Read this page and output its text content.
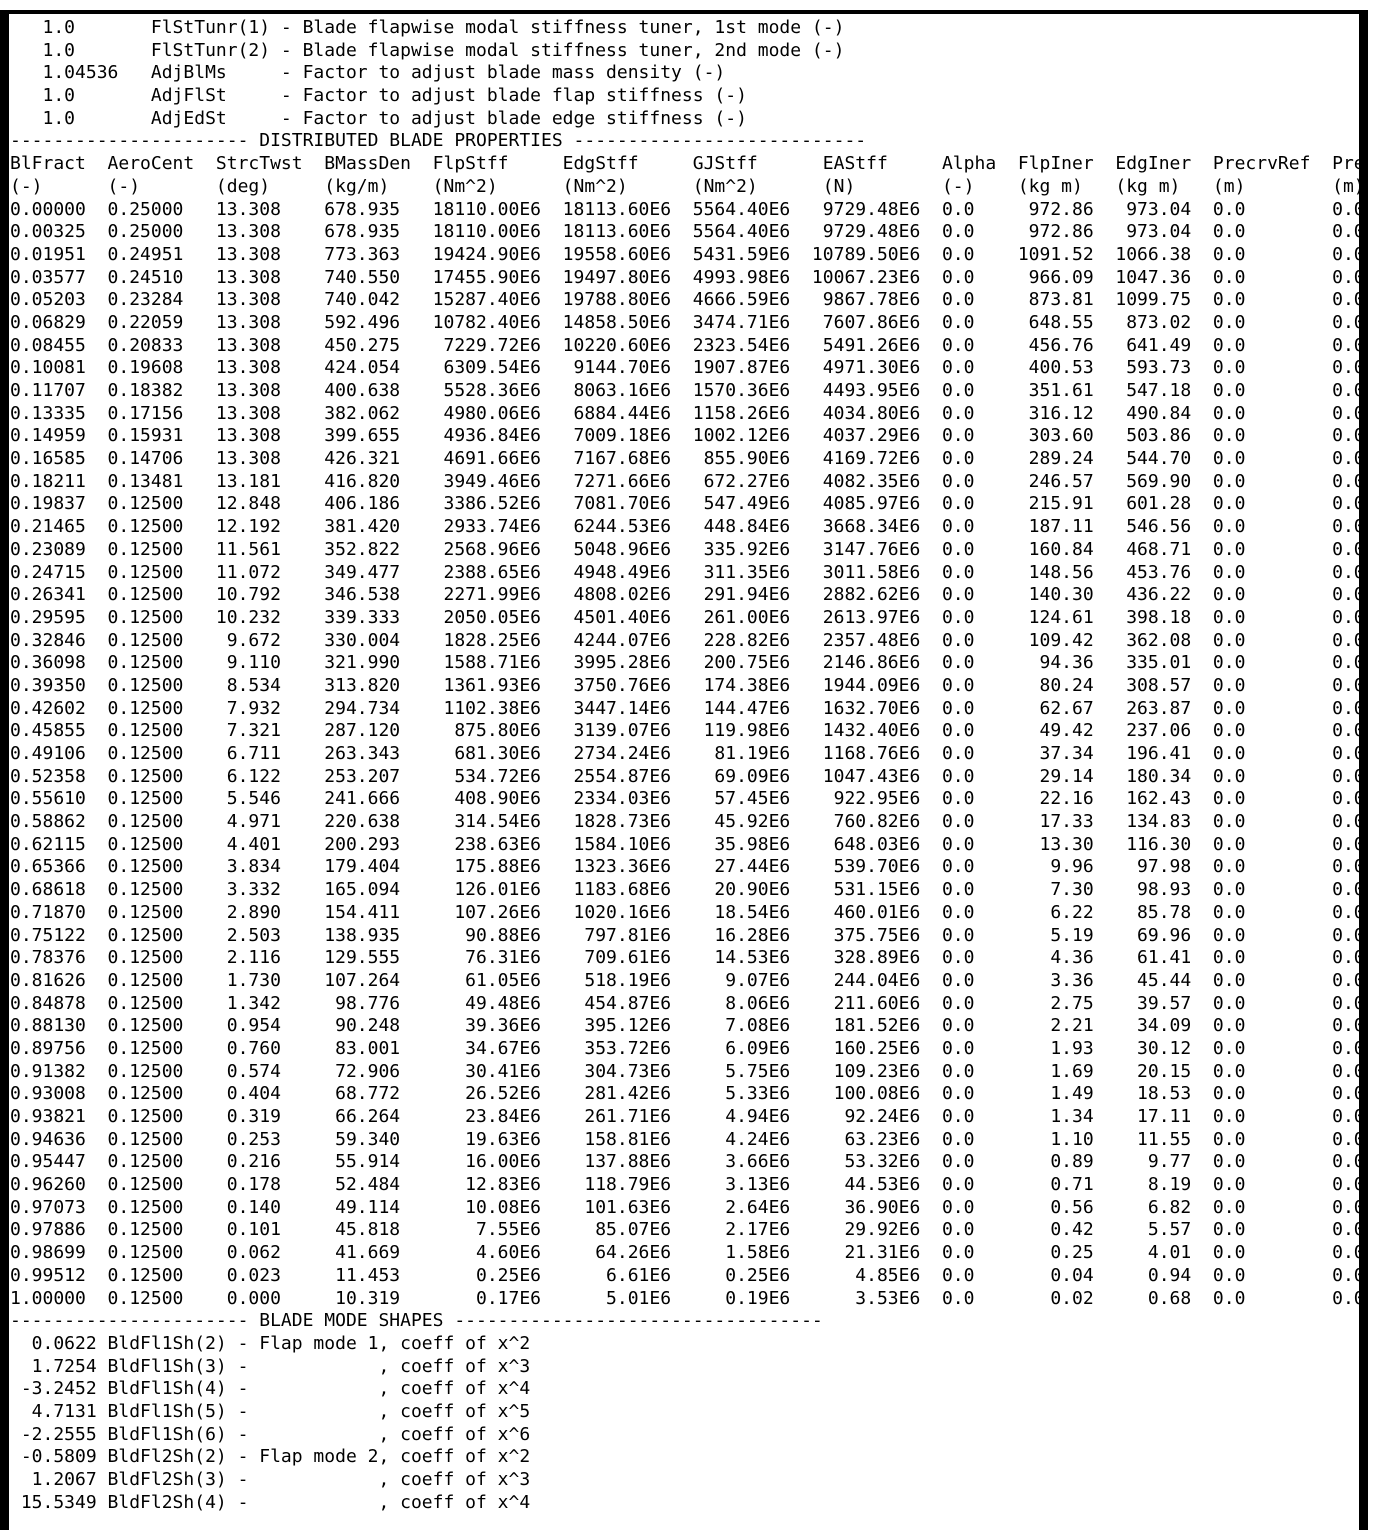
1.0       FlStTunr(1) - Blade flapwise modal stiffness tuner, 1st mode (-)
1.0       FlStTunr(2) - Blade flapwise modal stiffness tuner, 2nd mode (-)
1.04536   AdjBlMs     - Factor to adjust blade mass density (-)
1.0       AdjFlSt     - Factor to adjust blade flap stiffness (-)
1.0       AdjEdSt     - Factor to adjust blade edge stiffness (-)
---------------------- DISTRIBUTED BLADE PROPERTIES ---------------------------
BlFract  AeroCent  StrcTwst  BMassDen  FlpStff     EdgStff     GJStff      EAStff     Alpha  FlpIner  EdgIner  PrecrvRef  Pre
(-)      (-)       (deg)     (kg/m)    (Nm^2)      (Nm^2)      (Nm^2)      (N)        (-)    (kg m)   (kg m)   (m)        (m)
0.00000  0.25000   13.308    678.935   18110.00E6  18113.60E6  5564.40E6   9729.48E6  0.0     972.86   973.04  0.0        0.0
0.00325  0.25000   13.308    678.935   18110.00E6  18113.60E6  5564.40E6   9729.48E6  0.0     972.86   973.04  0.0        0.0
0.01951  0.24951   13.308    773.363   19424.90E6  19558.60E6  5431.59E6  10789.50E6  0.0    1091.52  1066.38  0.0        0.0
0.03577  0.24510   13.308    740.550   17455.90E6  19497.80E6  4993.98E6  10067.23E6  0.0     966.09  1047.36  0.0        0.0
0.05203  0.23284   13.308    740.042   15287.40E6  19788.80E6  4666.59E6   9867.78E6  0.0     873.81  1099.75  0.0        0.0
0.06829  0.22059   13.308    592.496   10782.40E6  14858.50E6  3474.71E6   7607.86E6  0.0     648.55   873.02  0.0        0.0
0.08455  0.20833   13.308    450.275    7229.72E6  10220.60E6  2323.54E6   5491.26E6  0.0     456.76   641.49  0.0        0.0
0.10081  0.19608   13.308    424.054    6309.54E6   9144.70E6  1907.87E6   4971.30E6  0.0     400.53   593.73  0.0        0.0
0.11707  0.18382   13.308    400.638    5528.36E6   8063.16E6  1570.36E6   4493.95E6  0.0     351.61   547.18  0.0        0.0
0.13335  0.17156   13.308    382.062    4980.06E6   6884.44E6  1158.26E6   4034.80E6  0.0     316.12   490.84  0.0        0.0
0.14959  0.15931   13.308    399.655    4936.84E6   7009.18E6  1002.12E6   4037.29E6  0.0     303.60   503.86  0.0        0.0
0.16585  0.14706   13.308    426.321    4691.66E6   7167.68E6   855.90E6   4169.72E6  0.0     289.24   544.70  0.0        0.0
0.18211  0.13481   13.181    416.820    3949.46E6   7271.66E6   672.27E6   4082.35E6  0.0     246.57   569.90  0.0        0.0
0.19837  0.12500   12.848    406.186    3386.52E6   7081.70E6   547.49E6   4085.97E6  0.0     215.91   601.28  0.0        0.0
0.21465  0.12500   12.192    381.420    2933.74E6   6244.53E6   448.84E6   3668.34E6  0.0     187.11   546.56  0.0        0.0
0.23089  0.12500   11.561    352.822    2568.96E6   5048.96E6   335.92E6   3147.76E6  0.0     160.84   468.71  0.0        0.0
0.24715  0.12500   11.072    349.477    2388.65E6   4948.49E6   311.35E6   3011.58E6  0.0     148.56   453.76  0.0        0.0
0.26341  0.12500   10.792    346.538    2271.99E6   4808.02E6   291.94E6   2882.62E6  0.0     140.30   436.22  0.0        0.0
0.29595  0.12500   10.232    339.333    2050.05E6   4501.40E6   261.00E6   2613.97E6  0.0     124.61   398.18  0.0        0.0
0.32846  0.12500    9.672    330.004    1828.25E6   4244.07E6   228.82E6   2357.48E6  0.0     109.42   362.08  0.0        0.0
0.36098  0.12500    9.110    321.990    1588.71E6   3995.28E6   200.75E6   2146.86E6  0.0      94.36   335.01  0.0        0.0
0.39350  0.12500    8.534    313.820    1361.93E6   3750.76E6   174.38E6   1944.09E6  0.0      80.24   308.57  0.0        0.0
0.42602  0.12500    7.932    294.734    1102.38E6   3447.14E6   144.47E6   1632.70E6  0.0      62.67   263.87  0.0        0.0
0.45855  0.12500    7.321    287.120     875.80E6   3139.07E6   119.98E6   1432.40E6  0.0      49.42   237.06  0.0        0.0
0.49106  0.12500    6.711    263.343     681.30E6   2734.24E6    81.19E6   1168.76E6  0.0      37.34   196.41  0.0        0.0
0.52358  0.12500    6.122    253.207     534.72E6   2554.87E6    69.09E6   1047.43E6  0.0      29.14   180.34  0.0        0.0
0.55610  0.12500    5.546    241.666     408.90E6   2334.03E6    57.45E6    922.95E6  0.0      22.16   162.43  0.0        0.0
0.58862  0.12500    4.971    220.638     314.54E6   1828.73E6    45.92E6    760.82E6  0.0      17.33   134.83  0.0        0.0
0.62115  0.12500    4.401    200.293     238.63E6   1584.10E6    35.98E6    648.03E6  0.0      13.30   116.30  0.0        0.0
0.65366  0.12500    3.834    179.404     175.88E6   1323.36E6    27.44E6    539.70E6  0.0       9.96    97.98  0.0        0.0
0.68618  0.12500    3.332    165.094     126.01E6   1183.68E6    20.90E6    531.15E6  0.0       7.30    98.93  0.0        0.0
0.71870  0.12500    2.890    154.411     107.26E6   1020.16E6    18.54E6    460.01E6  0.0       6.22    85.78  0.0        0.0
0.75122  0.12500    2.503    138.935      90.88E6    797.81E6    16.28E6    375.75E6  0.0       5.19    69.96  0.0        0.0
0.78376  0.12500    2.116    129.555      76.31E6    709.61E6    14.53E6    328.89E6  0.0       4.36    61.41  0.0        0.0
0.81626  0.12500    1.730    107.264      61.05E6    518.19E6     9.07E6    244.04E6  0.0       3.36    45.44  0.0        0.0
0.84878  0.12500    1.342     98.776      49.48E6    454.87E6     8.06E6    211.60E6  0.0       2.75    39.57  0.0        0.0
0.88130  0.12500    0.954     90.248      39.36E6    395.12E6     7.08E6    181.52E6  0.0       2.21    34.09  0.0        0.0
0.89756  0.12500    0.760     83.001      34.67E6    353.72E6     6.09E6    160.25E6  0.0       1.93    30.12  0.0        0.0
0.91382  0.12500    0.574     72.906      30.41E6    304.73E6     5.75E6    109.23E6  0.0       1.69    20.15  0.0        0.0
0.93008  0.12500    0.404     68.772      26.52E6    281.42E6     5.33E6    100.08E6  0.0       1.49    18.53  0.0        0.0
0.93821  0.12500    0.319     66.264      23.84E6    261.71E6     4.94E6     92.24E6  0.0       1.34    17.11  0.0        0.0
0.94636  0.12500    0.253     59.340      19.63E6    158.81E6     4.24E6     63.23E6  0.0       1.10    11.55  0.0        0.0
0.95447  0.12500    0.216     55.914      16.00E6    137.88E6     3.66E6     53.32E6  0.0       0.89     9.77  0.0        0.0
0.96260  0.12500    0.178     52.484      12.83E6    118.79E6     3.13E6     44.53E6  0.0       0.71     8.19  0.0        0.0
0.97073  0.12500    0.140     49.114      10.08E6    101.63E6     2.64E6     36.90E6  0.0       0.56     6.82  0.0        0.0
0.97886  0.12500    0.101     45.818       7.55E6     85.07E6     2.17E6     29.92E6  0.0       0.42     5.57  0.0        0.0
0.98699  0.12500    0.062     41.669       4.60E6     64.26E6     1.58E6     21.31E6  0.0       0.25     4.01  0.0        0.0
0.99512  0.12500    0.023     11.453       0.25E6      6.61E6     0.25E6      4.85E6  0.0       0.04     0.94  0.0        0.0
1.00000  0.12500    0.000     10.319       0.17E6      5.01E6     0.19E6      3.53E6  0.0       0.02     0.68  0.0        0.0
---------------------- BLADE MODE SHAPES ----------------------------------
0.0622 BldFl1Sh(2) - Flap mode 1, coeff of x^2
1.7254 BldFl1Sh(3) -            , coeff of x^3
-3.2452 BldFl1Sh(4) -            , coeff of x^4
4.7131 BldFl1Sh(5) -            , coeff of x^5
-2.2555 BldFl1Sh(6) -            , coeff of x^6
-0.5809 BldFl2Sh(2) - Flap mode 2, coeff of x^2
1.2067 BldFl2Sh(3) -            , coeff of x^3
15.5349 BldFl2Sh(4) -            , coeff of x^4
